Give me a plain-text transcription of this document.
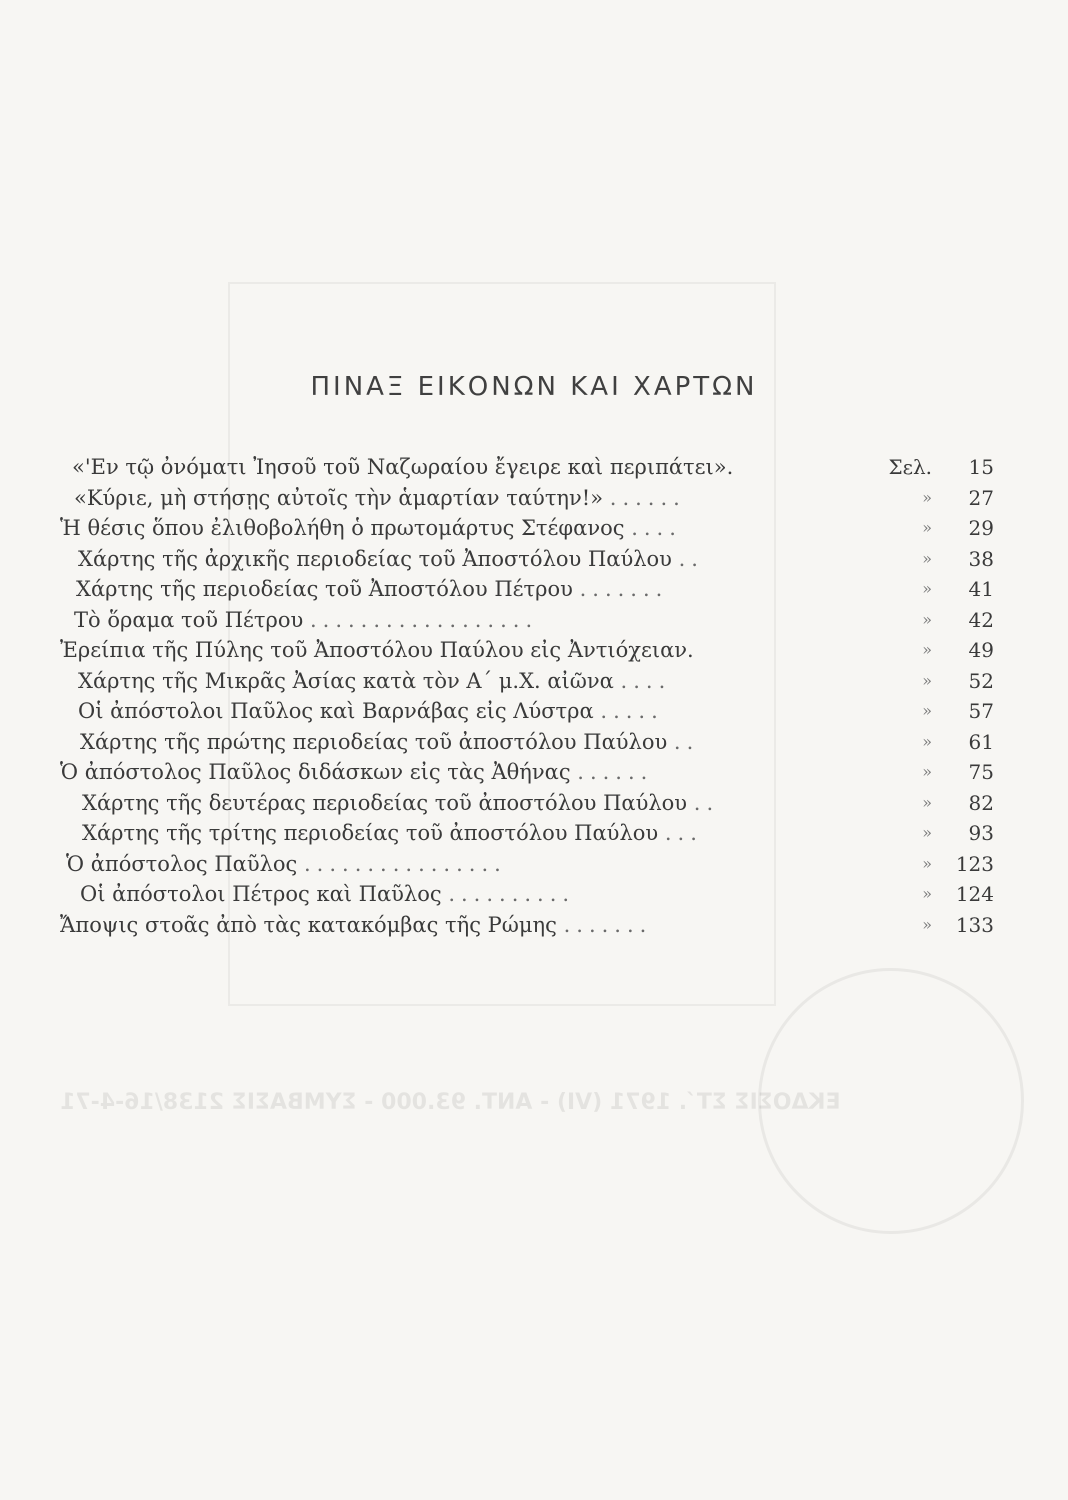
ΕΚΔΟΣΙΣ ΣΤ΄. 1971 (VI) - ΑΝΤ. 93.000 - ΣΥΜΒΑΣΙΣ 2138/16-4-71
ΠΙΝΑΞ ΕΙΚΟΝΩΝ ΚΑΙ ΧΑΡΤΩΝ
«'Εν τῷ ὀνόματι Ἰησοῦ τοῦ Ναζωραίου ἔγειρε καὶ περιπάτει».	Σελ.	15
«Κύριε, μὴ στήσῃς αὐτοῖς τὴν ἁμαρτίαν ταύτην!» ......	»	27
Ἡ θέσις ὅπου ἐλιθοβολήθη ὁ πρωτομάρτυς Στέφανος ....	»	29
Χάρτης τῆς ἀρχικῆς περιοδείας τοῦ Ἀποστόλου Παύλου ..	»	38
Χάρτης τῆς περιοδείας τοῦ Ἀποστόλου Πέτρου .......	»	41
Τὸ ὅραμα τοῦ Πέτρου ..................	»	42
Ἐρείπια τῆς Πύλης τοῦ Ἀποστόλου Παύλου εἰς Ἀντιόχειαν.	»	49
Χάρτης τῆς Μικρᾶς Ἀσίας κατὰ τὸν Α΄ μ.Χ. αἰῶνα ....	»	52
Οἱ ἀπόστολοι Παῦλος καὶ Βαρνάβας εἰς Λύστρα .....	»	57
Χάρτης τῆς πρώτης περιοδείας τοῦ ἀποστόλου Παύλου ..	»	61
Ὁ ἀπόστολος Παῦλος διδάσκων εἰς τὰς Ἀθήνας ......	»	75
Χάρτης τῆς δευτέρας περιοδείας τοῦ ἀποστόλου Παύλου ..	»	82
Χάρτης τῆς τρίτης περιοδείας τοῦ ἀποστόλου Παύλου ...	»	93
Ὁ ἀπόστολος Παῦλος ................	»	123
Οἱ ἀπόστολοι Πέτρος καὶ Παῦλος ..........	»	124
Ἄποψις στοᾶς ἀπὸ τὰς κατακόμβας τῆς Ρώμης .......	»	133
